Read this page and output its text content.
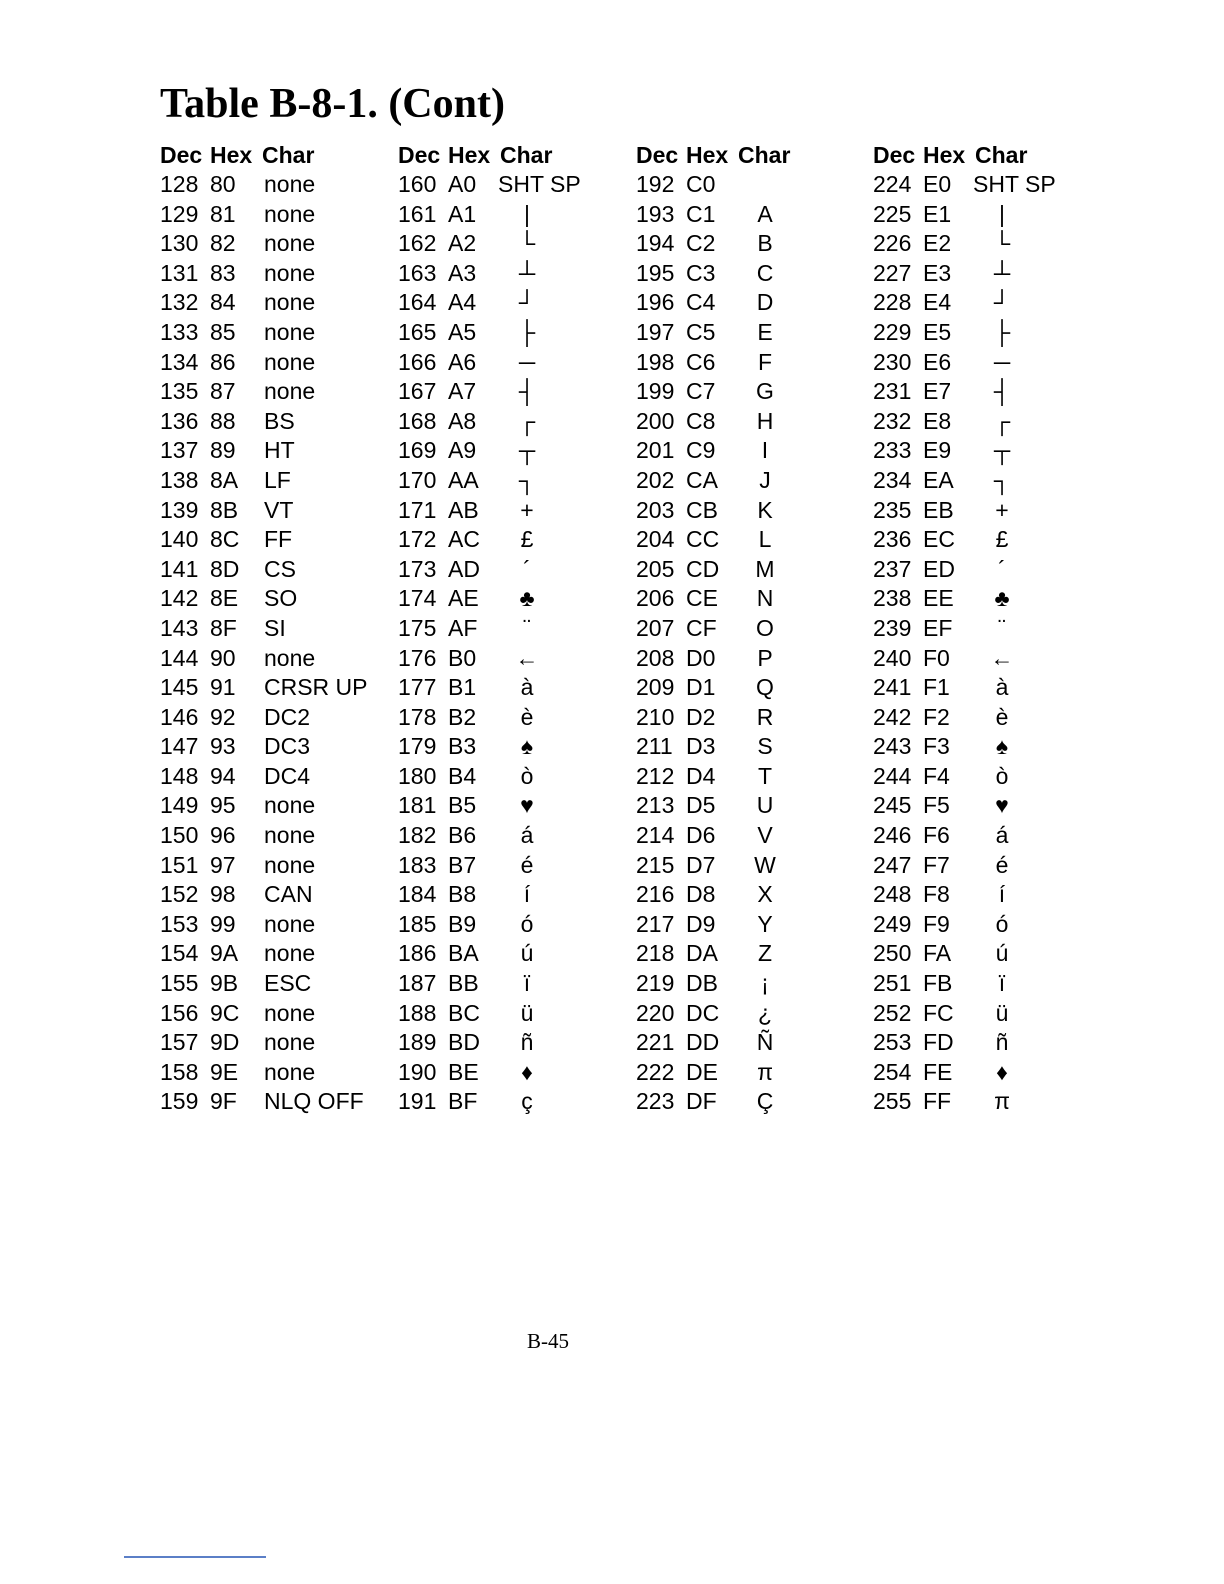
Table B-8-1. (Cont)
Dec Hex Char
128 80 none
129 81 none
130 82 none
131 83 none
132 84 none
133 85 none
134 86 none
135 87 none
136 88 BS
137 89 HT
138 8A LF
139 8B VT
140 8C FF
141 8D CS
142 8E SO
143 8F SI
144 90 none
145 91 CRSR UP
146 92 DC2
147 93 DC3
148 94 DC4
149 95 none
150 96 none
151 97 none
152 98 CAN
153 99 none
154 9A none
155 9B ESC
156 9C none
157 9D none
158 9E none
159 9F NLQ OFF
Dec Hex Char
160 A0 SHT SP
161 A1	|
162 A2 └
163 A3 ┴
164 A4 ┘
165 A5 ├
166 A6 ─
167 A7 ┤
168 A8 ┌
169 A9 ┬
170 AA ┐
171 AB	+
172 AC	£
173 AD	´
174 AE	♣
175 AF	¨
176 B0 ←
177 B1	à
178 B2	è
179 B3	♠
180 B4	ò
181 B5	♥
182 B6	á
183 B7	é
184 B8	í
185 B9	ó
186 BA	ú
187 BB	ï
188 BC	ü
189 BD	ñ
190 BE	♦
191 BF	ç
Dec Hex Char
192 C0
193 C1	A
194 C2	B
195 C3 C
196 C4 D
197 C5	E
198 C6	F
199 C7 G
200 C8 H
201 C9	I
202 CA	J
203 CB	K
204 CC	L
205 CD M
206 CE N
207 CF O
208 D0	P
209 D1 Q
210 D2 R
211 D3	S
212 D4	T
213 D5 U
214 D6	V
215 D7 W
216 D8	X
217 D9	Y
218 DA	Z
219 DB	¡
220 DC	¿
221 DD Ñ
222 DE	π
223 DF Ç
Dec Hex Char
224 E0 SHT SP
225 E1	|
226 E2 └
227 E3 ┴
228 E4 ┘
229 E5 ├
230 E6 ─
231 E7 ┤
232 E8 ┌
233 E9 ┬
234 EA ┐
235 EB	+
236 EC	£
237 ED	´
238 EE	♣
239 EF	¨
240 F0 ←
241 F1	à
242 F2	è
243 F3	♠
244 F4	ò
245 F5	♥
246 F6	á
247 F7	é
248 F8	í
249 F9	ó
250 FA	ú
251 FB	ï
252 FC	ü
253 FD	ñ
254 FE	♦
255 FF	π
B-45
